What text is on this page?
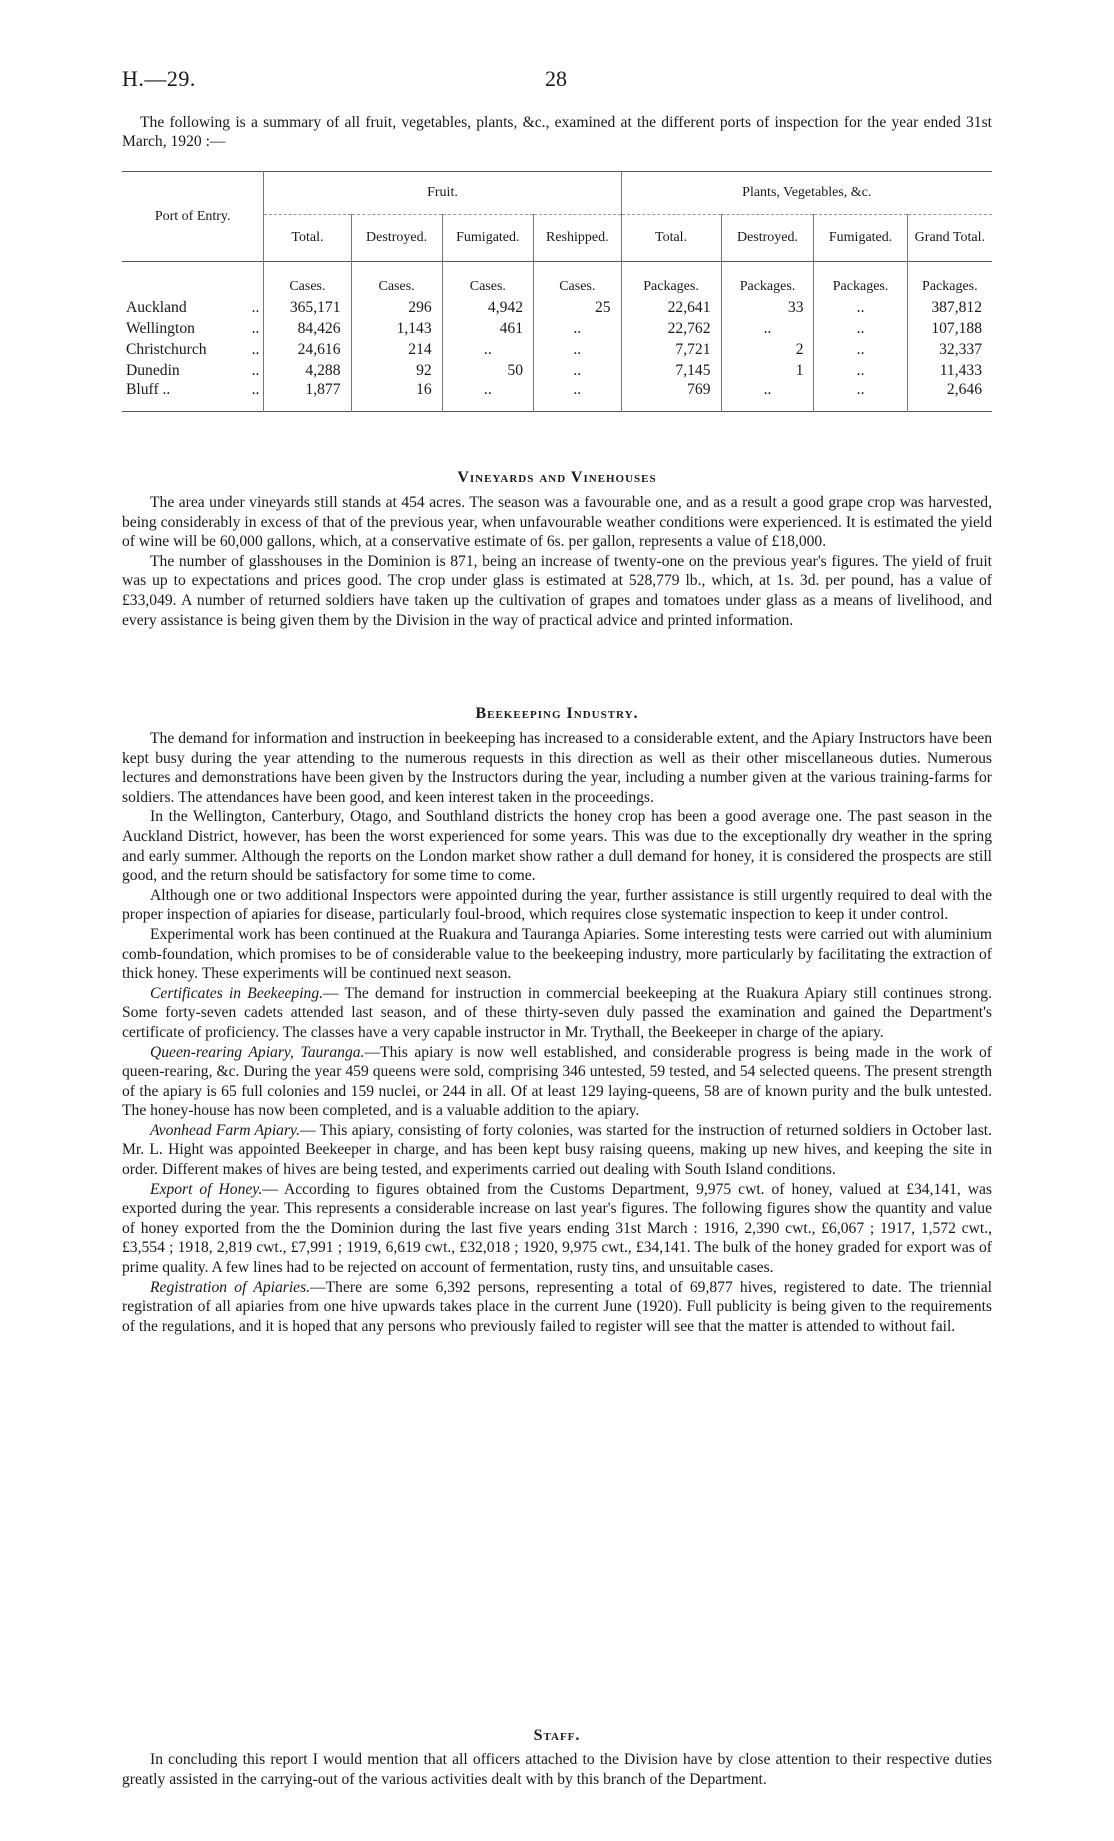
H.—29.	28

The following is a summary of all fruit, vegetables, plants, &c., examined at the different ports of inspection for the year ended 31st March, 1920 :—

Port of Entry.	Fruit.				Plants, Vegetables, &c.			
	Total.	Destroyed.	Fumigated.	Reshipped.	Total.	Destroyed.	Fumigated.	Grand Total.
	Cases.	Cases.	Cases.	Cases.	Packages.	Packages.	Packages.	Packages.
Auckland ..	365,171	296	4,942	25	22,641	33	..	387,812
Wellington ..	84,426	1,143	461	..	22,762	..	..	107,188
Christchurch ..	24,616	214	..	..	7,721	2	..	32,337
Dunedin ..	4,288	92	50	..	7,145	1	..	11,433
Bluff .. ..	1,877	16	..	..	769	..	..	2,646
Vineyards and Vinehouses

The area under vineyards still stands at 454 acres. The season was a favourable one, and as a result a good grape crop was harvested, being considerably in excess of that of the previous year, when unfavourable weather conditions were experienced. It is estimated the yield of wine will be 60,000 gallons, which, at a conservative estimate of 6s. per gallon, represents a value of £18,000.

The number of glasshouses in the Dominion is 871, being an increase of twenty-one on the previous year's figures. The yield of fruit was up to expectations and prices good. The crop under glass is estimated at 528,779 lb., which, at 1s. 3d. per pound, has a value of £33,049. A number of returned soldiers have taken up the cultivation of grapes and tomatoes under glass as a means of livelihood, and every assistance is being given them by the Division in the way of practical advice and printed information.

Beekeeping Industry.

The demand for information and instruction in beekeeping has increased to a considerable extent, and the Apiary Instructors have been kept busy during the year attending to the numerous requests in this direction as well as their other miscellaneous duties. Numerous lectures and demonstrations have been given by the Instructors during the year, including a number given at the various training-farms for soldiers. The attendances have been good, and keen interest taken in the proceedings.

In the Wellington, Canterbury, Otago, and Southland districts the honey crop has been a good average one. The past season in the Auckland District, however, has been the worst experienced for some years. This was due to the exceptionally dry weather in the spring and early summer. Although the reports on the London market show rather a dull demand for honey, it is considered the prospects are still good, and the return should be satisfactory for some time to come.

Although one or two additional Inspectors were appointed during the year, further assistance is still urgently required to deal with the proper inspection of apiaries for disease, particularly foul-brood, which requires close systematic inspection to keep it under control.

Experimental work has been continued at the Ruakura and Tauranga Apiaries. Some interesting tests were carried out with aluminium comb-foundation, which promises to be of considerable value to the beekeeping industry, more particularly by facilitating the extraction of thick honey. These experiments will be continued next season.

Certificates in Beekeeping.— The demand for instruction in commercial beekeeping at the Ruakura Apiary still continues strong. Some forty-seven cadets attended last season, and of these thirty-seven duly passed the examination and gained the Department's certificate of proficiency. The classes have a very capable instructor in Mr. Trythall, the Beekeeper in charge of the apiary.

Queen-rearing Apiary, Tauranga.—This apiary is now well established, and considerable progress is being made in the work of queen-rearing, &c. During the year 459 queens were sold, comprising 346 untested, 59 tested, and 54 selected queens. The present strength of the apiary is 65 full colonies and 159 nuclei, or 244 in all. Of at least 129 laying-queens, 58 are of known purity and the bulk untested. The honey-house has now been completed, and is a valuable addition to the apiary.

Avonhead Farm Apiary.— This apiary, consisting of forty colonies, was started for the instruction of returned soldiers in October last. Mr. L. Hight was appointed Beekeeper in charge, and has been kept busy raising queens, making up new hives, and keeping the site in order. Different makes of hives are being tested, and experiments carried out dealing with South Island conditions.

Export of Honey.— According to figures obtained from the Customs Department, 9,975 cwt. of honey, valued at £34,141, was exported during the year. This represents a considerable increase on last year's figures. The following figures show the quantity and value of honey exported from the the Dominion during the last five years ending 31st March : 1916, 2,390 cwt., £6,067 ; 1917, 1,572 cwt., £3,554 ; 1918, 2,819 cwt., £7,991 ; 1919, 6,619 cwt., £32,018 ; 1920, 9,975 cwt., £34,141. The bulk of the honey graded for export was of prime quality. A few lines had to be rejected on account of fermentation, rusty tins, and unsuitable cases.

Registration of Apiaries.—There are some 6,392 persons, representing a total of 69,877 hives, registered to date. The triennial registration of all apiaries from one hive upwards takes place in the current June (1920). Full publicity is being given to the requirements of the regulations, and it is hoped that any persons who previously failed to register will see that the matter is attended to without fail.

Staff.

In concluding this report I would mention that all officers attached to the Division have by close attention to their respective duties greatly assisted in the carrying-out of the various activities dealt with by this branch of the Department.
